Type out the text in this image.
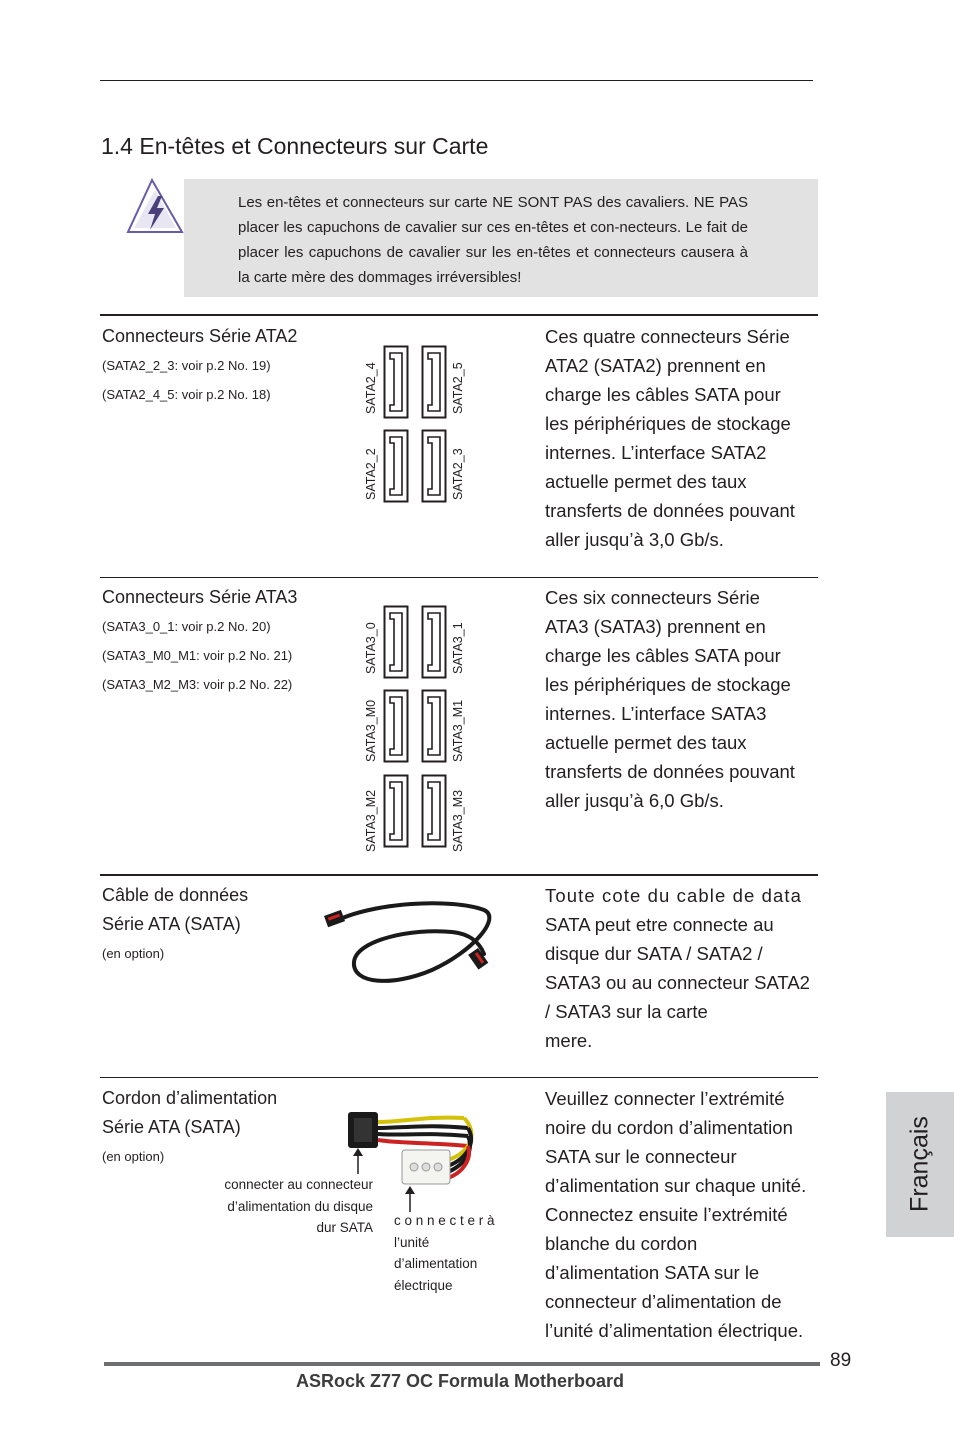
1.4 En-têtes et Connecteurs sur Carte
Les en-têtes et connecteurs sur carte NE SONT PAS des cavaliers. NE PAS placer les capuchons de cavalier sur ces en-têtes et con-necteurs. Le fait de placer les capuchons de cavalier sur les en-têtes et connecteurs causera à la carte mère des dommages irréversibles!
Connecteurs Série ATA2
(SATA2_2_3: voir p.2 No. 19)
(SATA2_4_5: voir p.2 No. 18)	SATA2_4	SATA2_5
SATA2_2	SATA2_3
Ces quatre connecteurs Série
ATA2 (SATA2) prennent en
charge les câbles SATA pour
les périphériques de stockage
internes. L’interface SATA2
actuelle permet des taux
transferts de données pouvant
aller jusqu’à 3,0 Gb/s.
Connecteurs Série ATA3
(SATA3_0_1: voir p.2 No. 20)
(SATA3_M0_M1: voir p.2 No. 21)
(SATA3_M2_M3: voir p.2 No. 22)
SATA3_0	SATA3_1
SATA3_M0	SATA3_M1
SATA3_M2	SATA3_M3
Ces six connecteurs Série
ATA3 (SATA3) prennent en
charge les câbles SATA pour
les périphériques de stockage
internes. L’interface SATA3
actuelle permet des taux
transferts de données pouvant
aller jusqu’à 6,0 Gb/s.
Câble de données
Série ATA (SATA)
(en option)
Toute cote du cable de data
SATA peut etre connecte au
disque dur SATA / SATA2 /
SATA3 ou au connecteur SATA2
/ SATA3 sur la carte
mere.
Cordon d’alimentation
Série ATA (SATA)
(en option)
connecter au connecteur
d’alimentation du disque
dur SATA c o n n e c t e r à
l’unité
d’alimentation
électrique
Veuillez connecter l’extrémité
noire du cordon d’alimentation
SATA sur le connecteur
d’alimentation sur chaque unité.
Connectez ensuite l’extrémité
blanche du cordon
d’alimentation SATA sur le
connecteur d’alimentation de
l’unité d’alimentation électrique.
Français
89
ASRock Z77 OC Formula Motherboard
